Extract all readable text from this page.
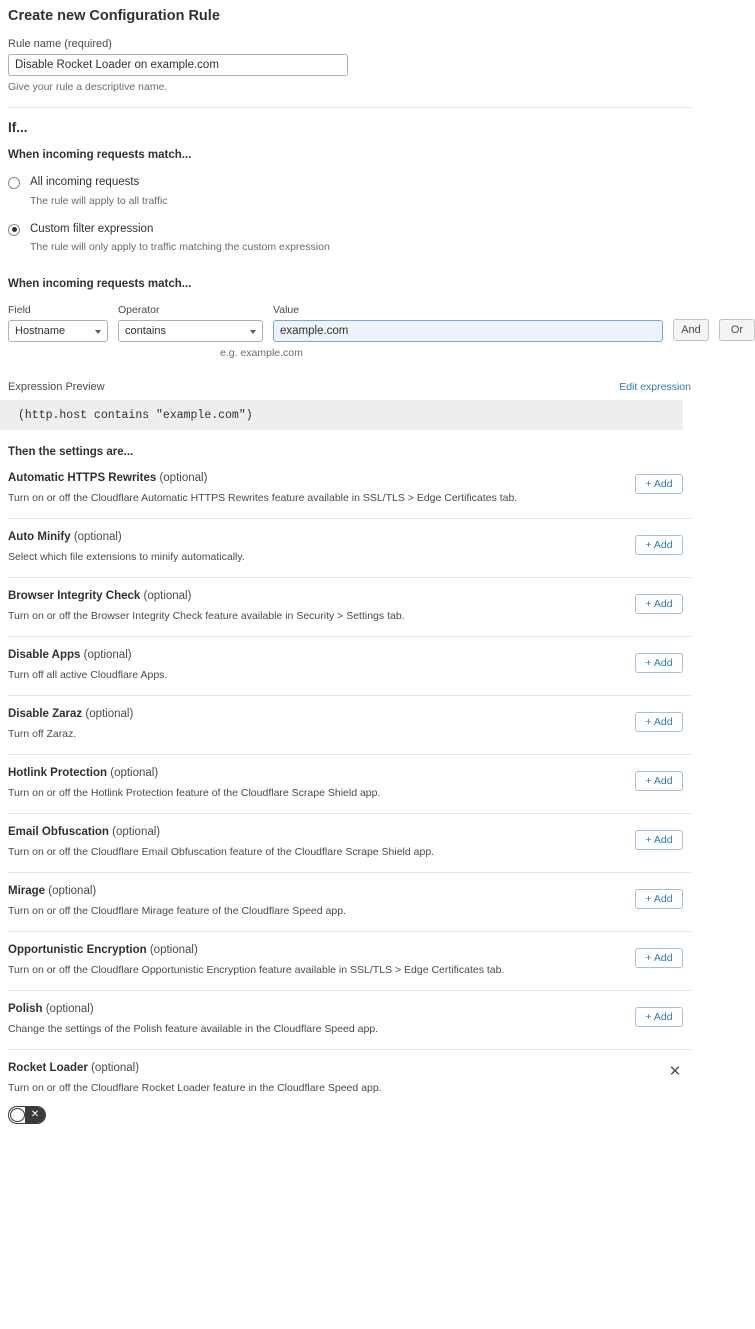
Create new Configuration Rule
Rule name (required)
Disable Rocket Loader on example.com
Give your rule a descriptive name.
If...
When incoming requests match...
All incoming requests
The rule will apply to all traffic
Custom filter expression
The rule will only apply to traffic matching the custom expression
When incoming requests match...
Field
Hostname
Operator
contains
Value
example.com
And	Or
e.g. example.com
Expression Preview	Edit expression
(http.host contains "example.com")
Then the settings are...
Automatic HTTPS Rewrites (optional)
Turn on or off the Cloudflare Automatic HTTPS Rewrites feature available in SSL/TLS > Edge Certificates tab.
+ Add
Auto Minify (optional)
Select which file extensions to minify automatically.
+ Add
Browser Integrity Check (optional)
Turn on or off the Browser Integrity Check feature available in Security > Settings tab.
+ Add
Disable Apps (optional)
Turn off all active Cloudflare Apps.
+ Add
Disable Zaraz (optional)
Turn off Zaraz.
+ Add
Hotlink Protection (optional)
Turn on or off the Hotlink Protection feature of the Cloudflare Scrape Shield app.
+ Add
Email Obfuscation (optional)
Turn on or off the Cloudflare Email Obfuscation feature of the Cloudflare Scrape Shield app.
+ Add
Mirage (optional)
Turn on or off the Cloudflare Mirage feature of the Cloudflare Speed app.
+ Add
Opportunistic Encryption (optional)
Turn on or off the Cloudflare Opportunistic Encryption feature available in SSL/TLS > Edge Certificates tab.
+ Add
Polish (optional)
Change the settings of the Polish feature available in the Cloudflare Speed app.
+ Add
Rocket Loader (optional)
Turn on or off the Cloudflare Rocket Loader feature in the Cloudflare Speed app.
✕
✕
